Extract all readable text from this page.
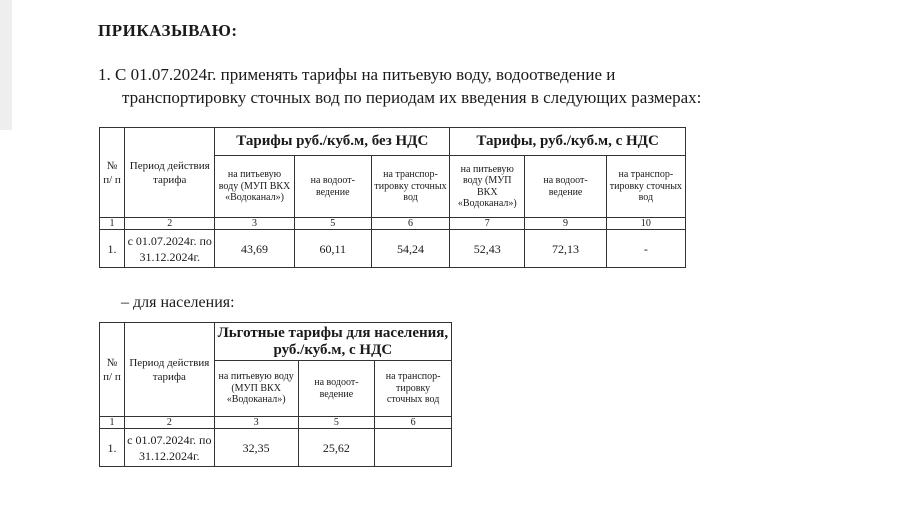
ПРИКАЗЫВАЮ:
1. С 01.07.2024г. применять тарифы на питьевую воду, водоотведение и
транспортировку сточных вод по периодам их введения в следующих размерах:
№ п/ п	Период действия тарифа	Тарифы руб./куб.м, без НДС			Тарифы, руб./куб.м, с НДС		
		на питьевую воду (МУП ВКХ «Водоканал»)	на водоот- ведение	на транспор- тировку сточных вод	на питьевую воду (МУП ВКХ «Водоканал»)	на водоот- ведение	на транспор- тировку сточных вод
1	2	3	5	6	7	9	10
1.	с 01.07.2024г. по 31.12.2024г.	43,69	60,11	54,24	52,43	72,13	-
– для населения:
№ п/ п	Период действия тарифа	Льготные тарифы для населения, руб./куб.м, с НДС		
		на питьевую воду (МУП ВКХ «Водоканал»)	на водоот- ведение	на транспор- тировку сточных вод
1	2	3	5	6
1.	с 01.07.2024г. по 31.12.2024г.	32,35	25,62	
